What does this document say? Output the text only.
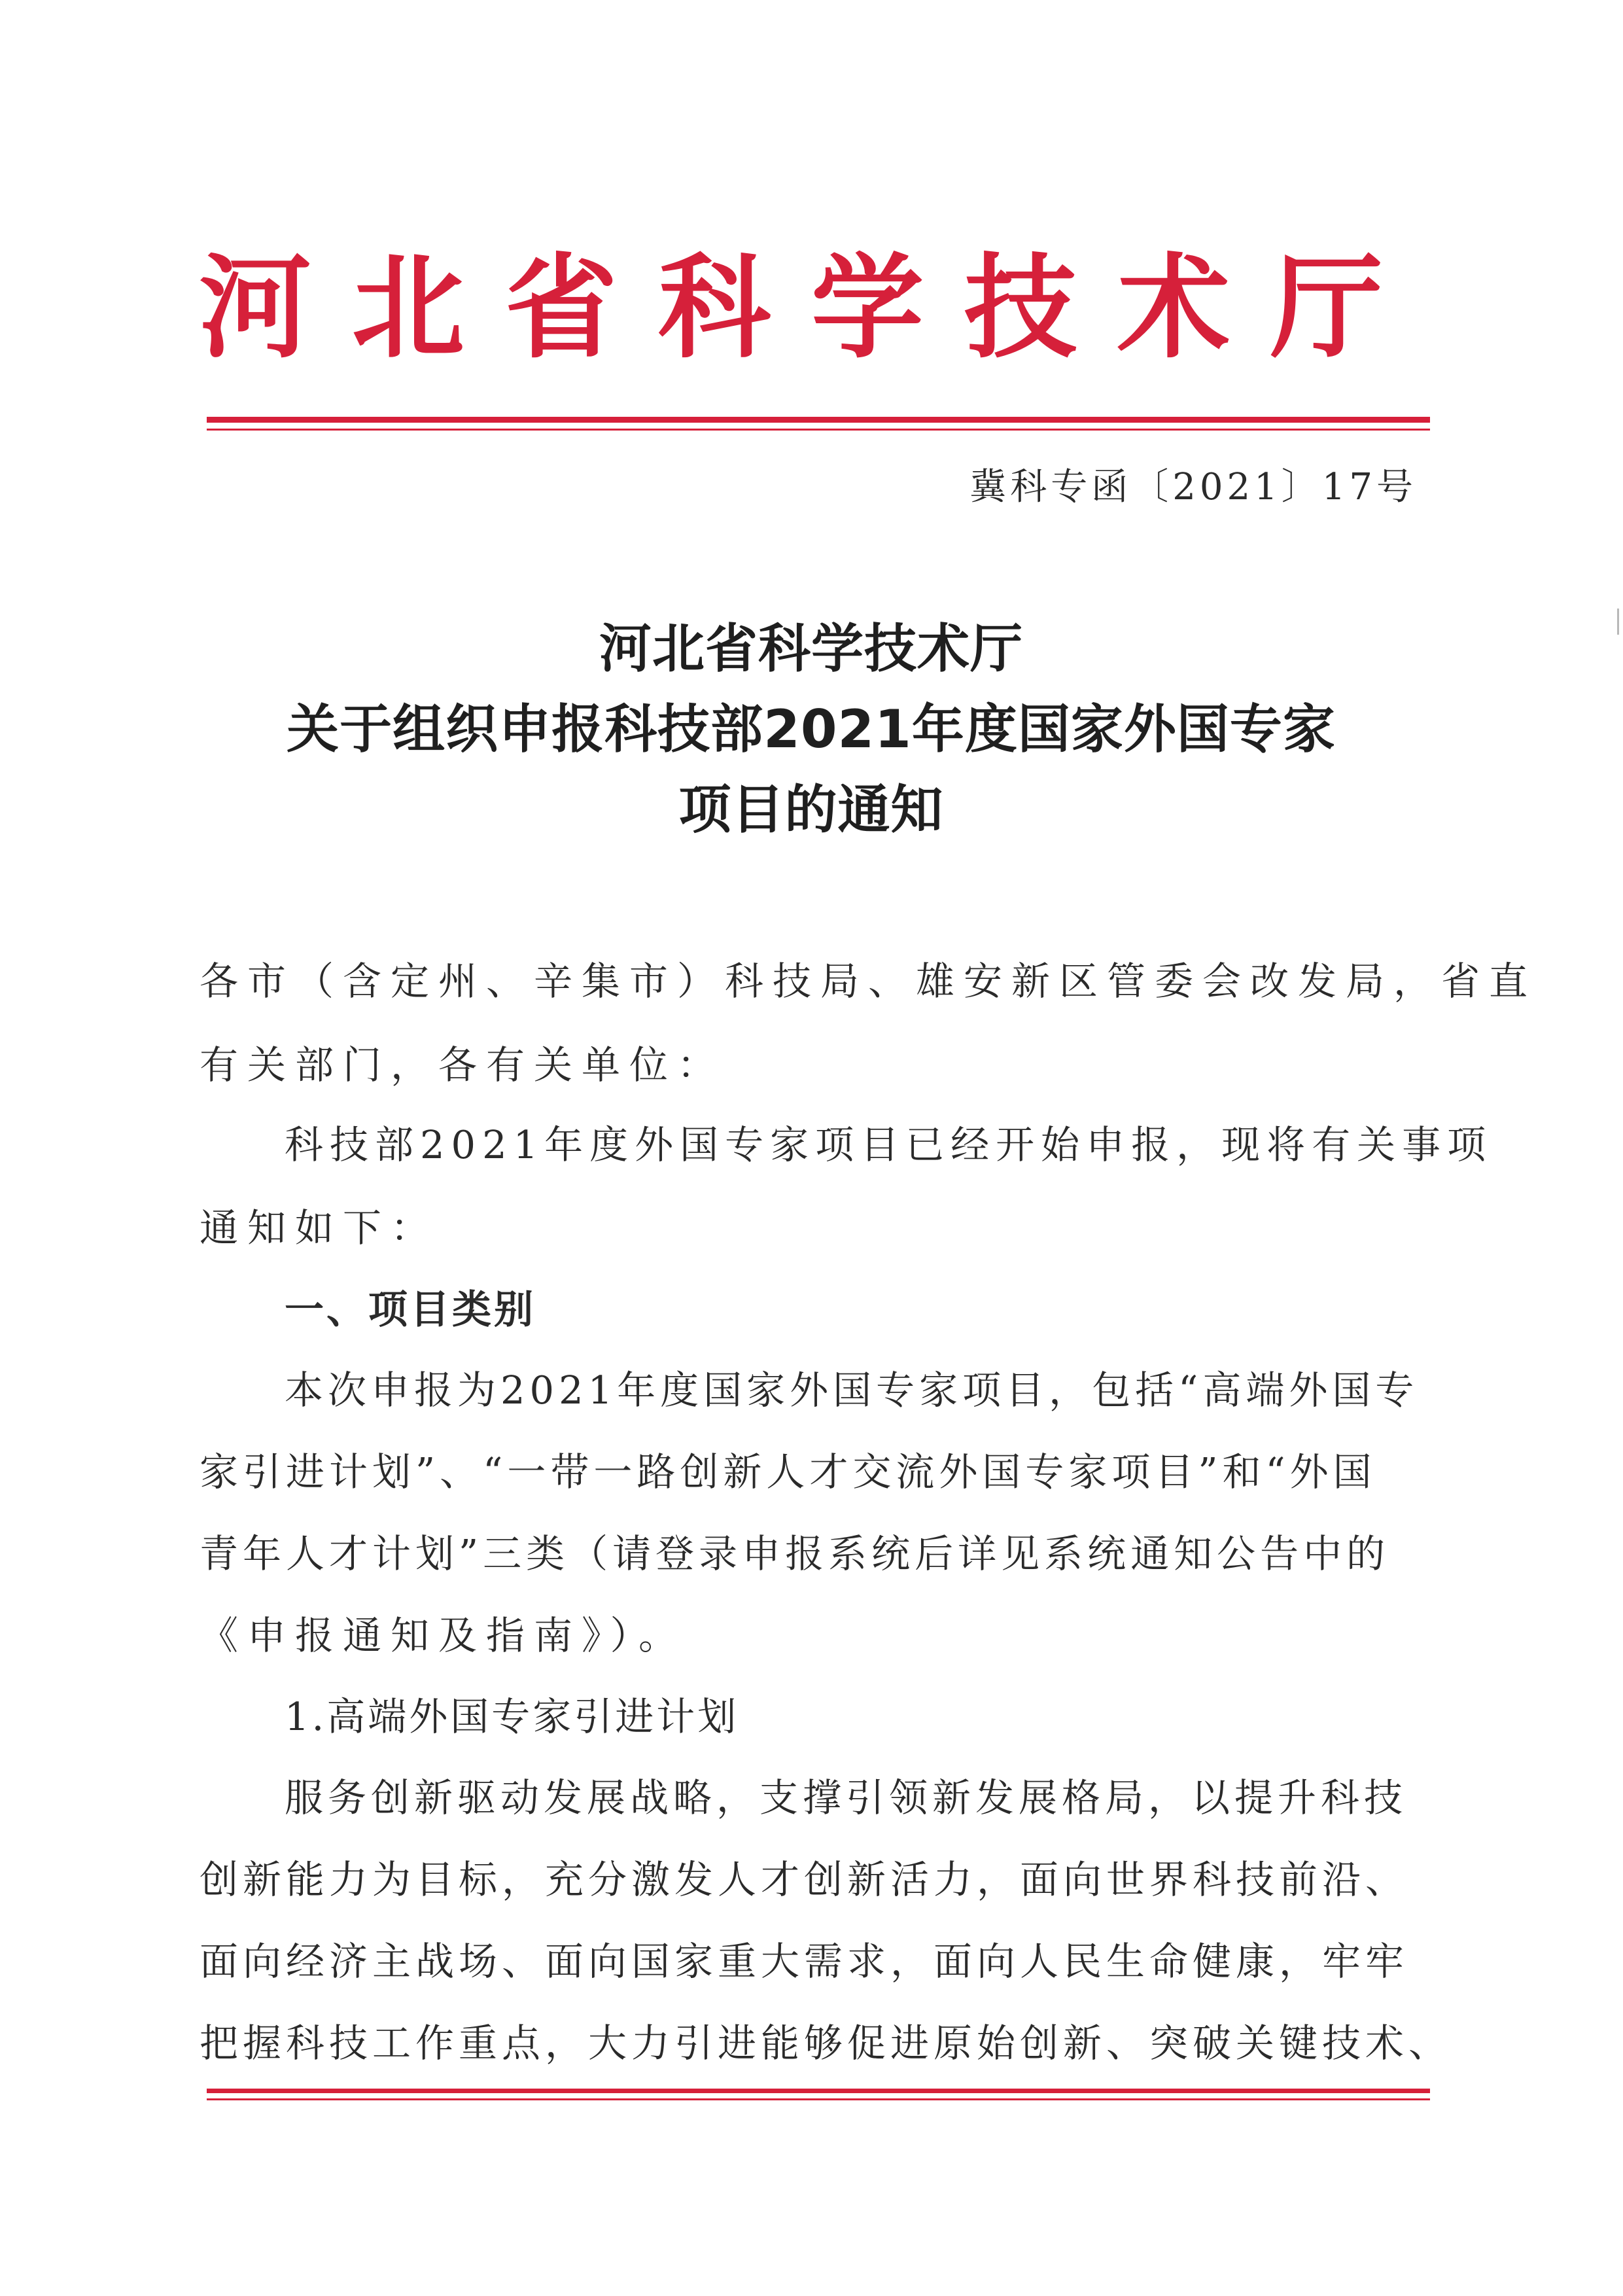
河北省科学技术厅
冀科专函〔2021〕17号
河北省科学技术厅
关于组织申报科技部2021年度国家外国专家
项目的通知
各市（含定州、辛集市）科技局、雄安新区管委会改发局，省直
有关部门，各有关单位：
科技部2021年度外国专家项目已经开始申报，现将有关事项
通知如下：
一、项目类别
本次申报为2021年度国家外国专家项目，包括“高端外国专
家引进计划”、“一带一路创新人才交流外国专家项目”和“外国
青年人才计划”三类（请登录申报系统后详见系统通知公告中的
《申报通知及指南》）。
1.高端外国专家引进计划
服务创新驱动发展战略，支撑引领新发展格局，以提升科技
创新能力为目标，充分激发人才创新活力，面向世界科技前沿、
面向经济主战场、面向国家重大需求，面向人民生命健康，牢牢
把握科技工作重点，大力引进能够促进原始创新、突破关键技术、
